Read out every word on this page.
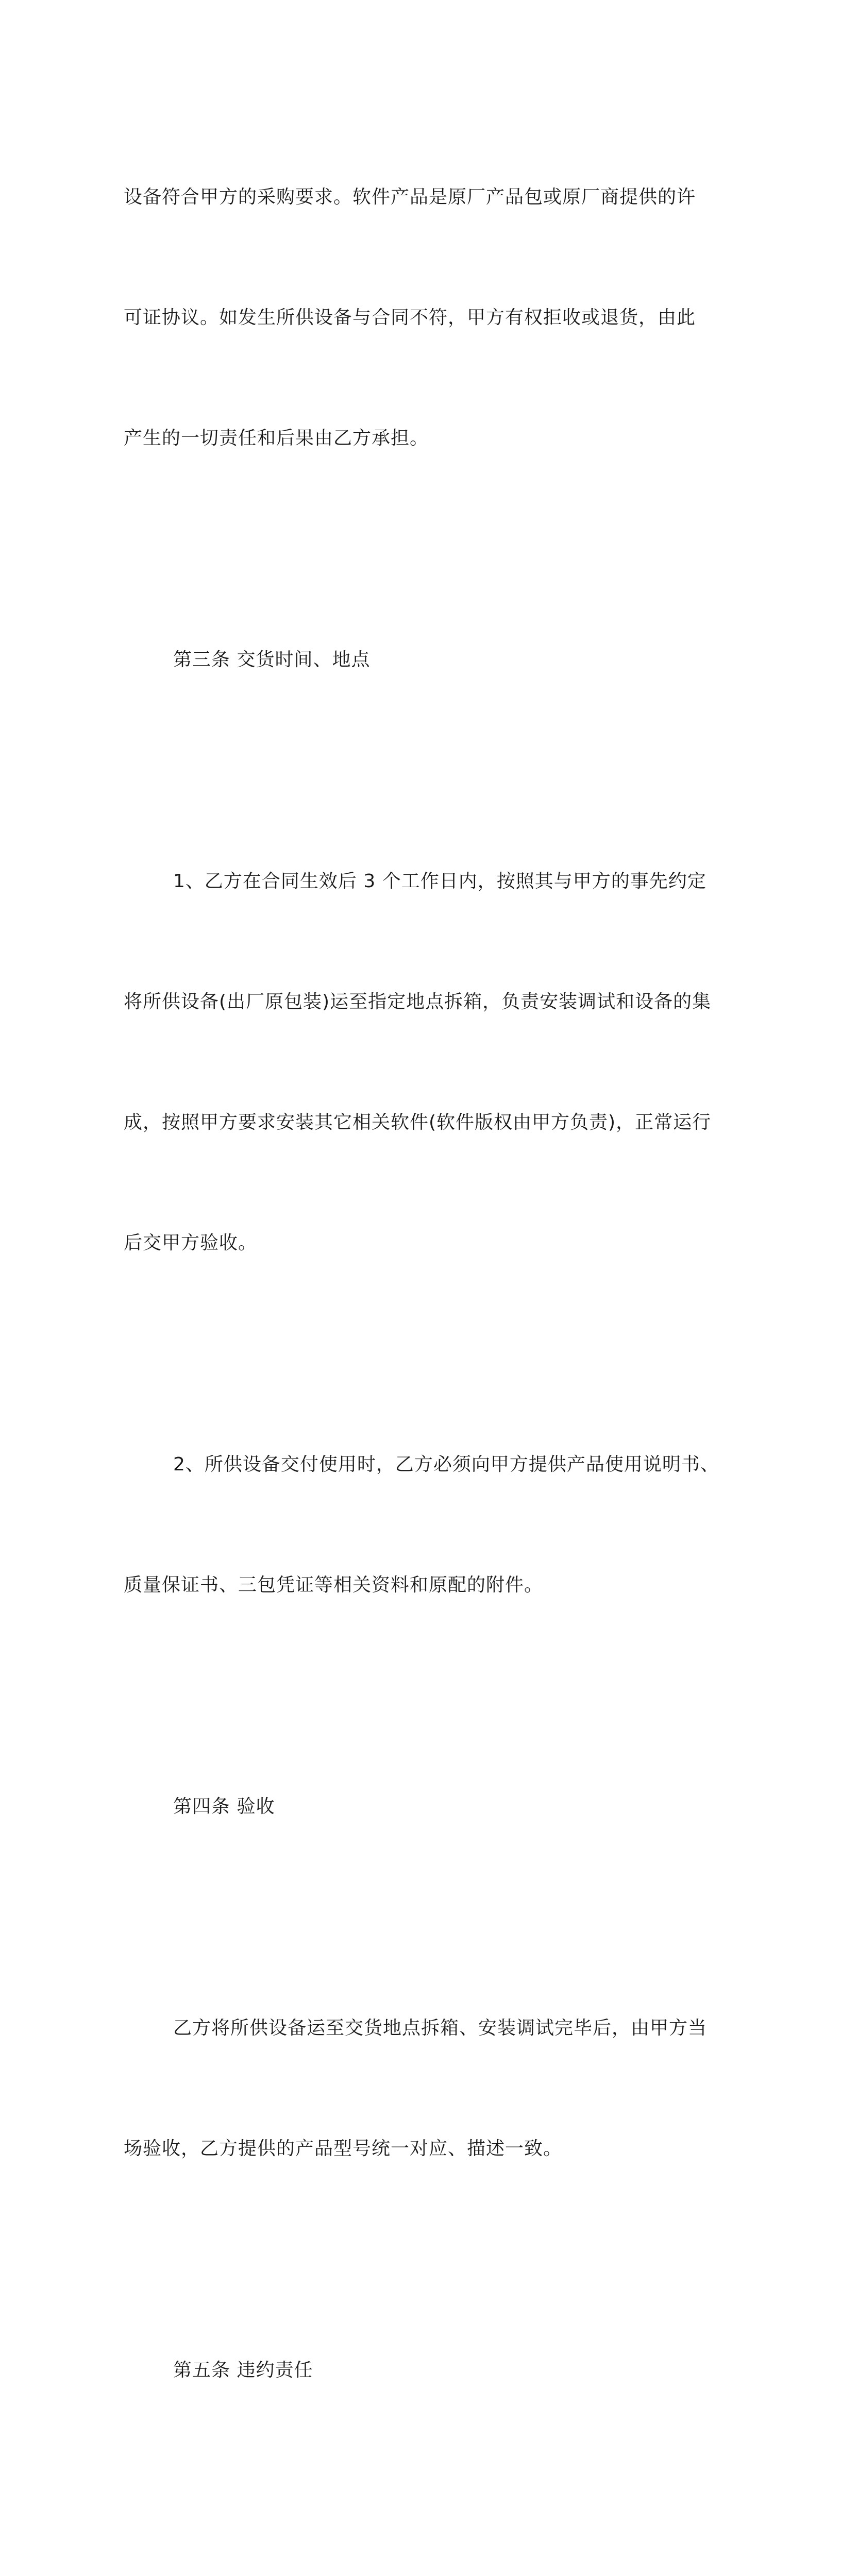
设备符合甲方的采购要求。软件产品是原厂产品包或原厂商提供的许

可证协议。如发生所供设备与合同不符，甲方有权拒收或退货，由此

产生的一切责任和后果由乙方承担。

第三条 交货时间、地点

1、乙方在合同生效后 3 个工作日内，按照其与甲方的事先约定

将所供设备(出厂原包装)运至指定地点拆箱，负责安装调试和设备的集

成，按照甲方要求安装其它相关软件(软件版权由甲方负责)，正常运行

后交甲方验收。

2、所供设备交付使用时，乙方必须向甲方提供产品使用说明书、

质量保证书、三包凭证等相关资料和原配的附件。

第四条 验收

乙方将所供设备运至交货地点拆箱、安装调试完毕后，由甲方当

场验收，乙方提供的产品型号统一对应、描述一致。

第五条 违约责任
